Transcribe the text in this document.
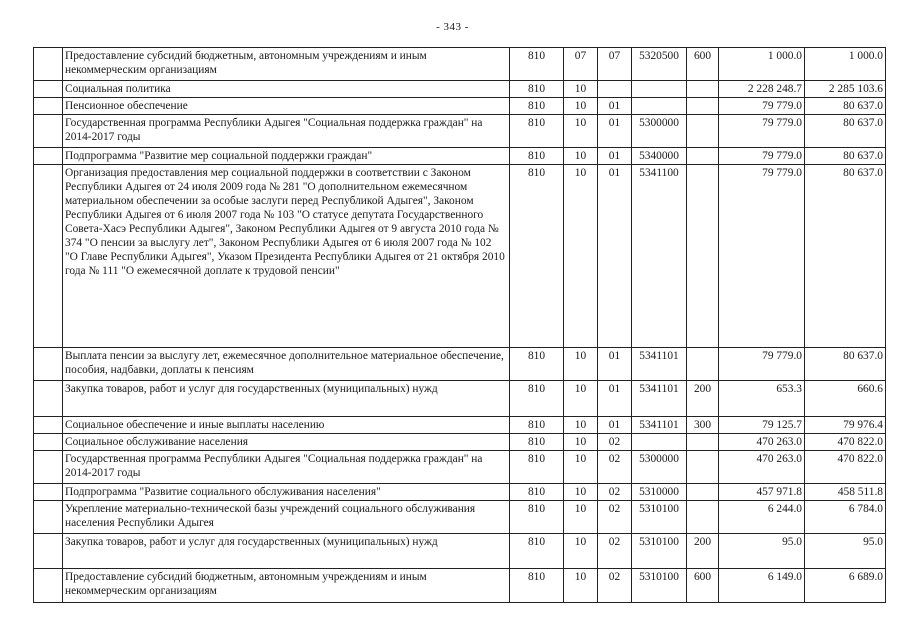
- 343 -
	Предоставление субсидий бюджетным, автономным учреждениям и иным некоммерческим организациям	810	07	07	5320500	600	1 000.0	1 000.0
	Социальная политика	810	10				2 228 248.7	2 285 103.6
	Пенсионное обеспечение	810	10	01			79 779.0	80 637.0
	Государственная программа Республики Адыгея "Социальная поддержка граждан" на 2014-2017 годы	810	10	01	5300000		79 779.0	80 637.0
	Подпрограмма "Развитие мер социальной поддержки граждан"	810	10	01	5340000		79 779.0	80 637.0
	Организация предоставления мер социальной поддержки в соответствии с Законом Республики Адыгея от 24 июля 2009 года № 281 "О дополнительном ежемесячном материальном обеспечении за особые заслуги перед Республикой Адыгея", Законом Республики Адыгея от 6 июля 2007 года № 103 "О статусе депутата Государственного Совета-Хасэ Республики Адыгея", Законом Республики Адыгея от 9 августа 2010 года № 374 "О пенсии за выслугу лет", Законом Республики Адыгея от 6 июля 2007 года № 102 "О Главе Республики Адыгея", Указом Президента Республики Адыгея от 21 октября 2010 года № 111 "О ежемесячной доплате к трудовой пенсии"	810	10	01	5341100		79 779.0	80 637.0
	Выплата пенсии за выслугу лет, ежемесячное дополнительное материальное обеспечение, пособия, надбавки, доплаты к пенсиям	810	10	01	5341101		79 779.0	80 637.0
	Закупка товаров, работ и услуг для государственных (муниципальных) нужд	810	10	01	5341101	200	653.3	660.6
	Социальное обеспечение и иные выплаты населению	810	10	01	5341101	300	79 125.7	79 976.4
	Социальное обслуживание населения	810	10	02			470 263.0	470 822.0
	Государственная программа Республики Адыгея "Социальная поддержка граждан" на 2014-2017 годы	810	10	02	5300000		470 263.0	470 822.0
	Подпрограмма "Развитие социального обслуживания населения"	810	10	02	5310000		457 971.8	458 511.8
	Укрепление материально-технической базы учреждений социального обслуживания населения Республики Адыгея	810	10	02	5310100		6 244.0	6 784.0
	Закупка товаров, работ и услуг для государственных (муниципальных) нужд	810	10	02	5310100	200	95.0	95.0
	Предоставление субсидий бюджетным, автономным учреждениям и иным некоммерческим организациям	810	10	02	5310100	600	6 149.0	6 689.0
